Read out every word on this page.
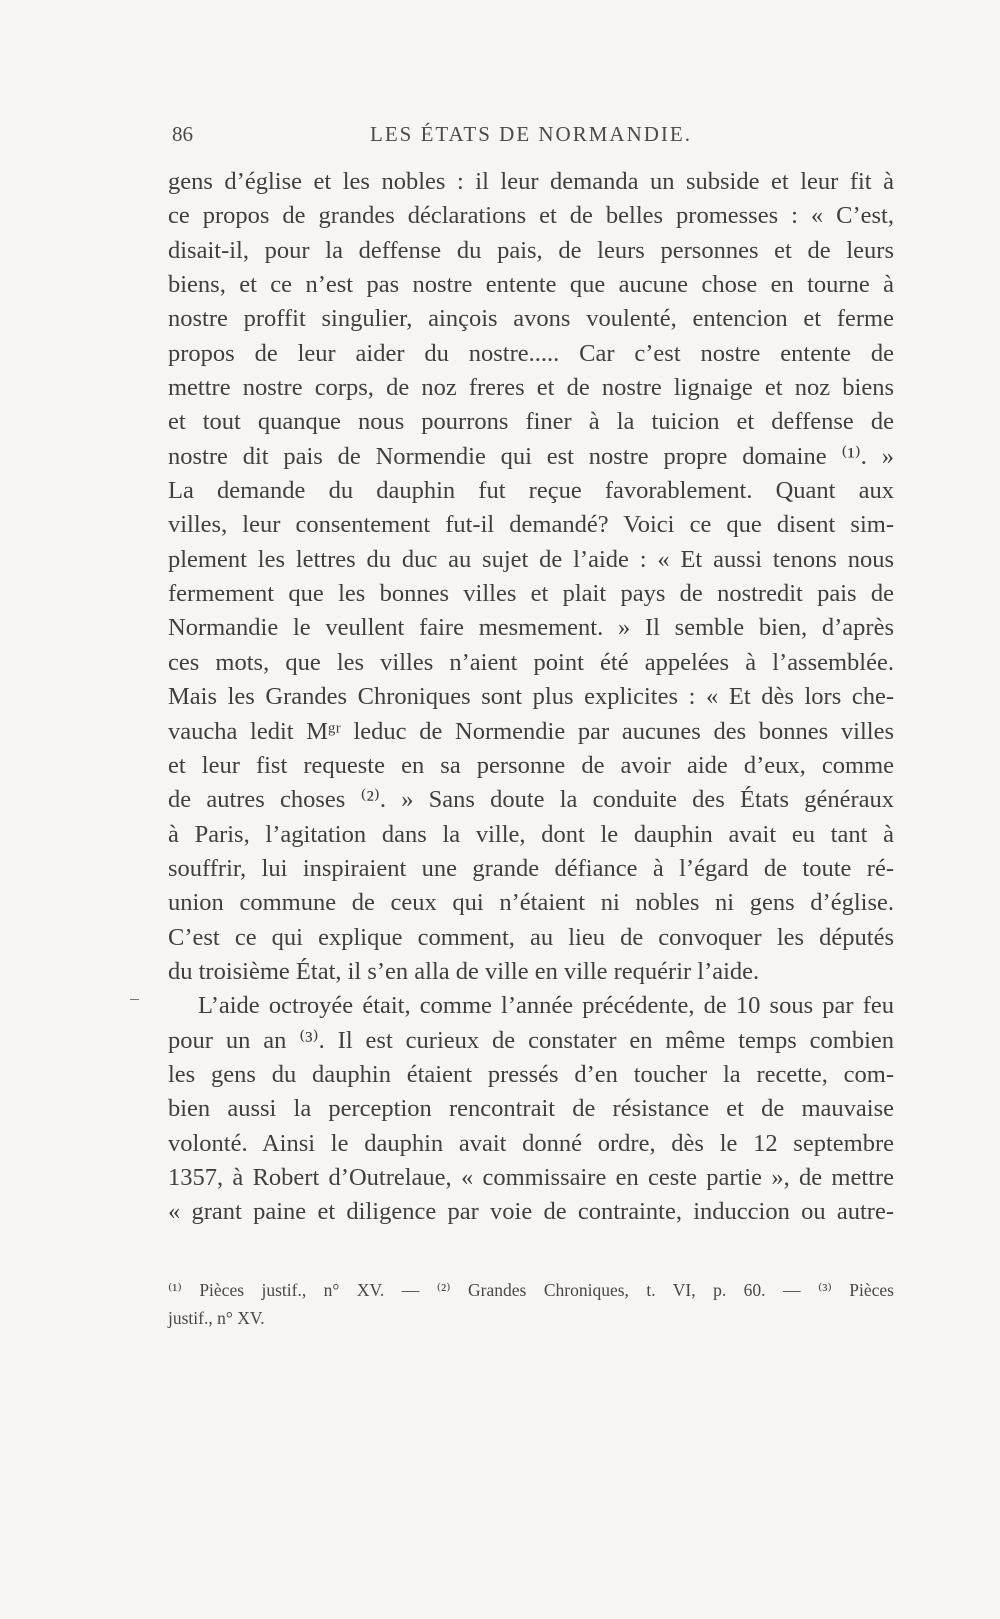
86	LES ÉTATS DE NORMANDIE.
gens d’église et les nobles : il leur demanda un subside et leur fit à
ce propos de grandes déclarations et de belles promesses : « C’est,
disait-il, pour la deffense du pais, de leurs personnes et de leurs
biens, et ce n’est pas nostre entente que aucune chose en tourne à
nostre proffit singulier, ainçois avons voulenté, entencion et ferme
propos de leur aider du nostre..... Car c’est nostre entente de
mettre nostre corps, de noz freres et de nostre lignaige et noz biens
et tout quanque nous pourrons finer à la tuicion et deffense de
nostre dit pais de Normendie qui est nostre propre domaine ⁽¹⁾. »
La demande du dauphin fut reçue favorablement. Quant aux
villes, leur consentement fut-il demandé? Voici ce que disent sim-
plement les lettres du duc au sujet de l’aide : « Et aussi tenons nous
fermement que les bonnes villes et plait pays de nostredit pais de
Normandie le veullent faire mesmement. » Il semble bien, d’après
ces mots, que les villes n’aient point été appelées à l’assemblée.
Mais les Grandes Chroniques sont plus explicites : « Et dès lors che-
vaucha ledit Mᵍʳ leduc de Normendie par aucunes des bonnes villes
et leur fist requeste en sa personne de avoir aide d’eux, comme
de autres choses ⁽²⁾. » Sans doute la conduite des États généraux
à Paris, l’agitation dans la ville, dont le dauphin avait eu tant à
souffrir, lui inspiraient une grande défiance à l’égard de toute ré-
union commune de ceux qui n’étaient ni nobles ni gens d’église.
C’est ce qui explique comment, au lieu de convoquer les députés
du troisième État, il s’en alla de ville en ville requérir l’aide.
L’aide octroyée était, comme l’année précédente, de 10 sous par feu
pour un an ⁽³⁾. Il est curieux de constater en même temps combien
les gens du dauphin étaient pressés d’en toucher la recette, com-
bien aussi la perception rencontrait de résistance et de mauvaise
volonté. Ainsi le dauphin avait donné ordre, dès le 12 septembre
1357, à Robert d’Outrelaue, « commissaire en ceste partie », de mettre
« grant paine et diligence par voie de contrainte, induccion ou autre-
⁽¹⁾ Pièces justif., n° XV. — ⁽²⁾ Grandes Chroniques, t. VI, p. 60. — ⁽³⁾ Pièces
justif., n° XV.
